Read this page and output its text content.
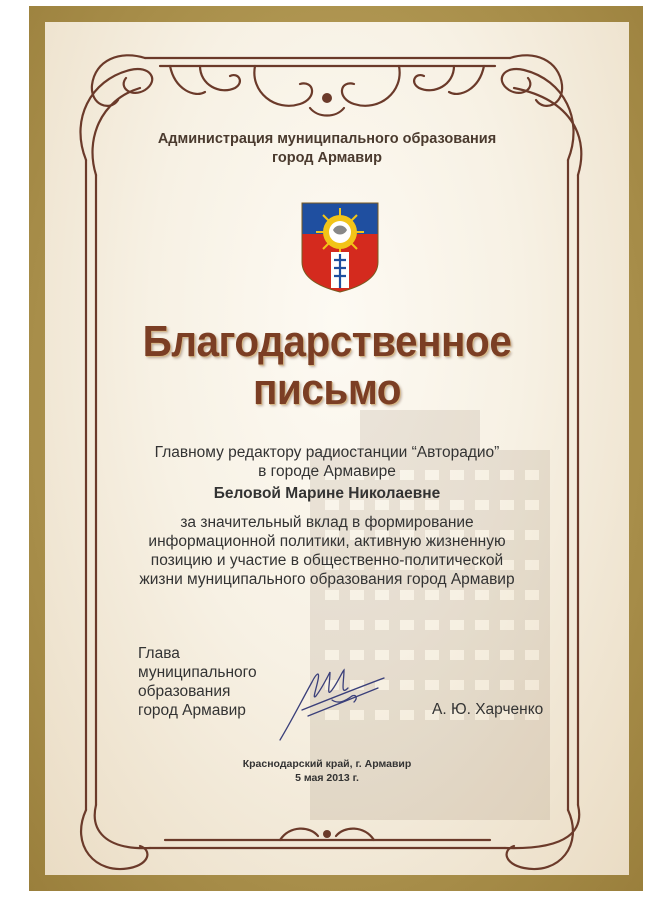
Администрация муниципального образования
город Армавир
Благодарственное
письмо
Главному редактору радиостанции “Авторадио”
в городе Армавире
Беловой Марине Николаевне
за значительный вклад в формирование
информационной политики, активную жизненную
позицию и участие в общественно-политической
жизни муниципального образования город Армавир
Глава
муниципального
образования
город Армавир	А. Ю. Харченко
Краснодарский край, г. Армавир
5 мая 2013 г.
